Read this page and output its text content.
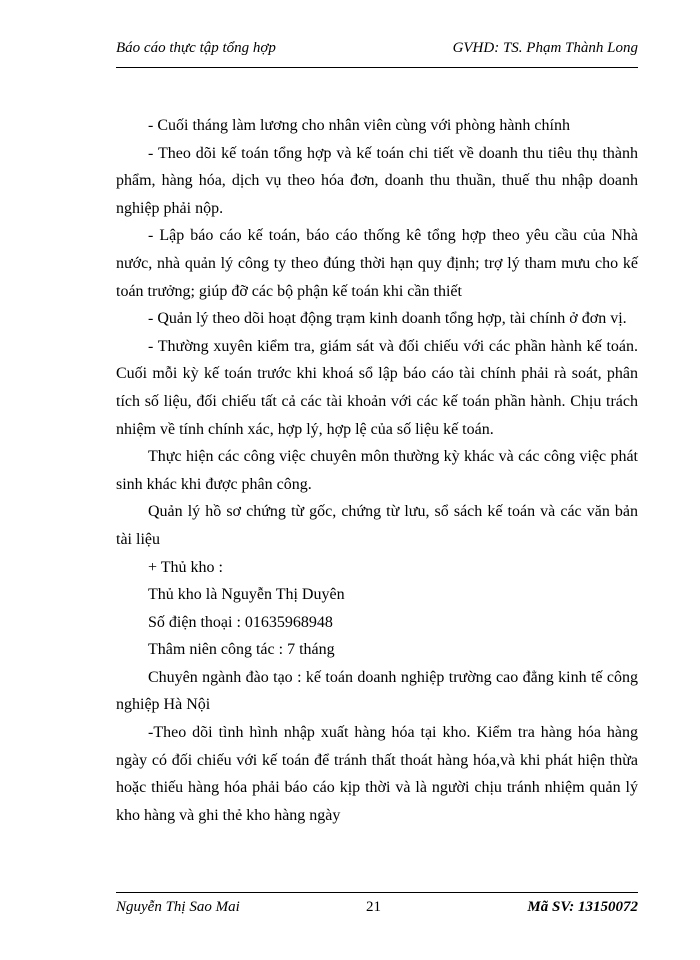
Báo cáo thực tập tổng hợp	GVHD: TS. Phạm Thành Long

- Cuối tháng làm lương cho nhân viên cùng với phòng hành chính

- Theo dõi kế toán tổng hợp và kế toán chi tiết về doanh thu tiêu thụ thành phẩm, hàng hóa, dịch vụ theo hóa đơn, doanh thu thuần, thuế thu nhập doanh nghiệp phải nộp.

- Lập báo cáo kế toán, báo cáo thống kê tổng hợp theo yêu cầu của Nhà nước, nhà quản lý công ty theo đúng thời hạn quy định; trợ lý tham mưu cho kế toán trưởng; giúp đỡ các bộ phận kế toán khi cần thiết

- Quản lý theo dõi hoạt động trạm kinh doanh tổng hợp, tài chính ở đơn vị.

- Thường xuyên kiểm tra, giám sát và đối chiếu với các phần hành kế toán. Cuối mỗi kỳ kế toán trước khi khoá sổ lập báo cáo tài chính phải rà soát, phân tích số liệu, đối chiếu tất cả các tài khoản với các kế toán phần hành. Chịu trách nhiệm về tính chính xác, hợp lý, hợp lệ của số liệu kế toán.

Thực hiện các công việc chuyên môn thường kỳ khác và các công việc phát sinh khác khi được phân công.

Quản lý hồ sơ chứng từ gốc, chứng từ lưu, sổ sách kế toán và các văn bản tài liệu

+ Thủ kho :

Thủ kho là Nguyễn Thị Duyên

Số điện thoại : 01635968948

Thâm niên công tác : 7 tháng

Chuyên ngành đào tạo : kế toán doanh nghiệp trường cao đẳng kinh tế công nghiệp Hà Nội

-Theo dõi tình hình nhập xuất hàng hóa tại kho. Kiểm tra hàng hóa hàng ngày có đối chiếu với kế toán để tránh thất thoát hàng hóa,và khi phát hiện thừa hoặc thiếu hàng hóa phải báo cáo kịp thời và là người chịu tránh nhiệm quản lý kho hàng và ghi thẻ kho hàng ngày

Nguyễn Thị Sao Mai	21	Mã SV: 13150072
